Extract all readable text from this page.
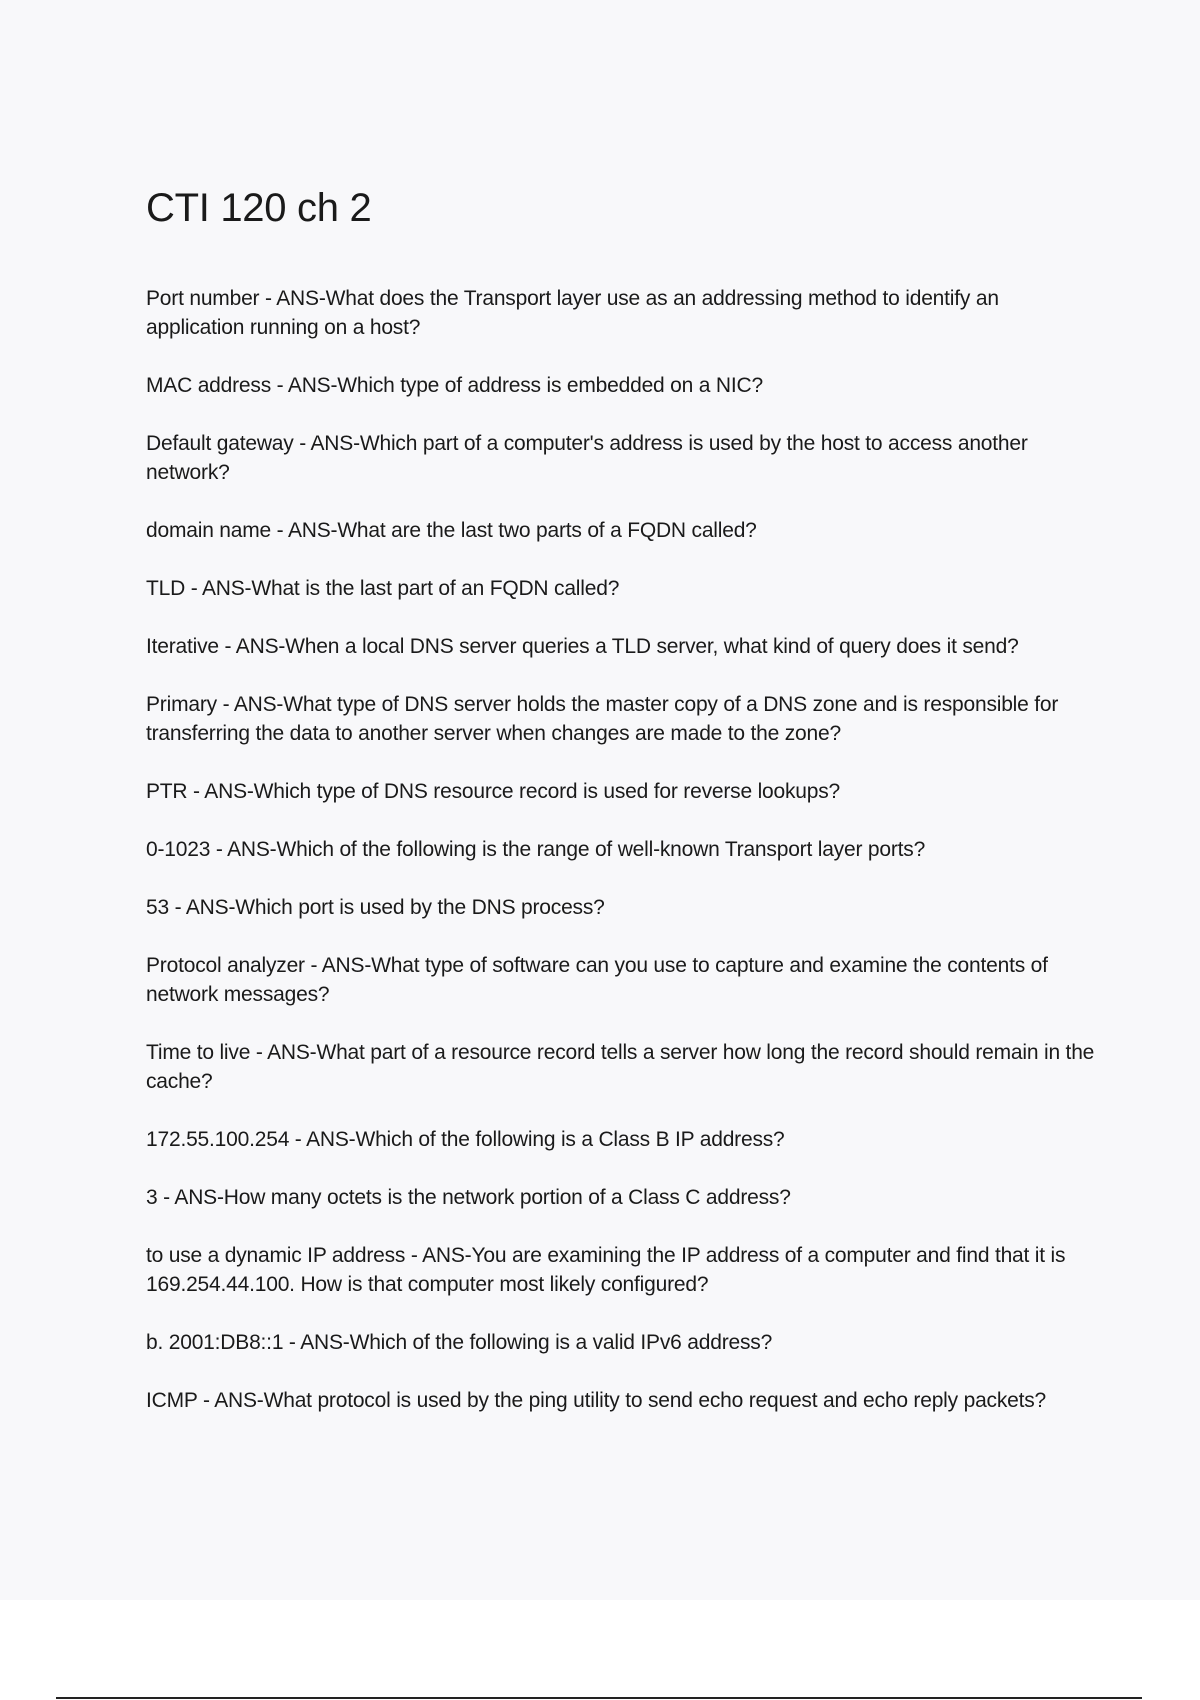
CTI 120 ch 2
Port number - ANS-What does the Transport layer use as an addressing method to identify an application running on a host?
MAC address - ANS-Which type of address is embedded on a NIC?
Default gateway - ANS-Which part of a computer's address is used by the host to access another network?
domain name - ANS-What are the last two parts of a FQDN called?
TLD - ANS-What is the last part of an FQDN called?
Iterative - ANS-When a local DNS server queries a TLD server, what kind of query does it send?
Primary - ANS-What type of DNS server holds the master copy of a DNS zone and is responsible for transferring the data to another server when changes are made to the zone?
PTR - ANS-Which type of DNS resource record is used for reverse lookups?
0-1023 - ANS-Which of the following is the range of well-known Transport layer ports?
53 - ANS-Which port is used by the DNS process?
Protocol analyzer - ANS-What type of software can you use to capture and examine the contents of network messages?
Time to live - ANS-What part of a resource record tells a server how long the record should remain in the cache?
172.55.100.254 - ANS-Which of the following is a Class B IP address?
3 - ANS-How many octets is the network portion of a Class C address?
to use a dynamic IP address - ANS-You are examining the IP address of a computer and find that it is 169.254.44.100. How is that computer most likely configured?
b. 2001:DB8::1 - ANS-Which of the following is a valid IPv6 address?
ICMP - ANS-What protocol is used by the ping utility to send echo request and echo reply packets?
